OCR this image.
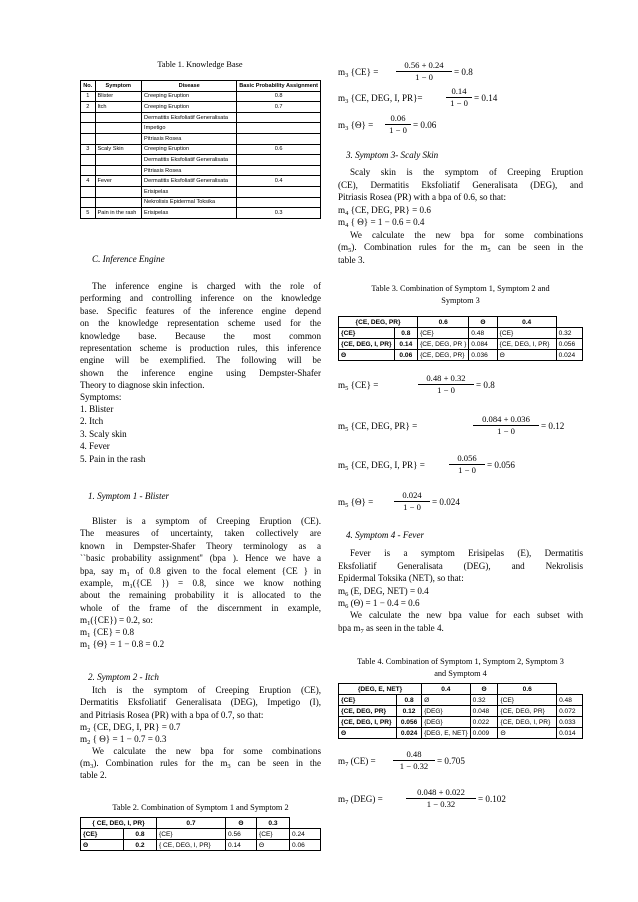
Table 1. Knowledge Base
No.	Symptom	Disease	Basic Probability Assignment
1	Blister	Creeping Eruption	0.8
2	Itch	Creeping Eruption	0.7
		Dermatitis Eksfoliatif Generalisata	
		Impetigo	
		Pitriasis Rosea	
3	Scaly Skin	Creeping Eruption	0.6
		Dermatitis Eksfoliatif Generalisata	
		Pitriasis Rosea	
4	Fever	Dermatitis Eksfoliatif Generalisata	0.4
		Erisipelas	
		Nekrolisis Epidermal Toksika	
5	Pain in the rash	Erisipelas	0.3
C. Inference Engine
The inference engine is charged with the role of
performing and controlling inference on the knowledge
base. Specific features of the inference engine depend
on the knowledge representation scheme used for the
knowledge base. Because the most common
representation scheme is production rules, this inference
engine will be exemplified. The following will be
shown the inference engine using Dempster-Shafer
Theory to diagnose skin infection.
Symptoms:
1. Blister
2. Itch
3. Scaly skin
4. Fever
5. Pain in the rash
1. Symptom 1 - Blister
Blister is a symptom of Creeping Eruption (CE).
The measures of uncertainty, taken collectively are
known in Dempster-Shafer Theory terminology as a
``basic probability assignment'' (bpa ). Hence we have a
bpa, say $m_1$ of 0.8 given to the focal element {CE } in
example, $m_1(\{CE$ }) = 0.8, since we know nothing
about the remaining probability it is allocated to the
whole of the frame of the discernment in example,
$m_1(\{CE\}) = 0.2$, so:
$m_1$ {CE} = 0.8
$m_1$ {Θ} = 1 − 0.8 = 0.2
2. Symptom 2 - Itch
Itch is the symptom of Creeping Eruption (CE),
Dermatitis Eksfoliatif Generalisata (DEG), Impetigo (I),
and Pitriasis Rosea (PR) with a bpa of 0.7, so that:
$m_2$ {CE, DEG, I, PR} = 0.7
$m_2$ { Θ} = 1 − 0.7 = 0.3
We calculate the new bpa for some combinations
$(m_3)$. Combination rules for the $m_3$ can be seen in the
table 2.
Table 2. Combination of Symptom 1 and Symptom 2
{ CE, DEG, I, PR}		0.7	Θ	0.3	
{CE}	0.8	{CE}	0.56	{CE}	0.24
Θ	0.2	{ CE, DEG, I, PR}	0.14	Θ	0.06
$m_3$ {CE} =
0.56 + 0.24
1 − 0	= 0.8
$m_3$ {CE, DEG, I, PR}=
0.14
1 − 0 = 0.14
$m_3$ {Θ} =
0.06
1 − 0 = 0.06
3. Symptom 3- Scaly Skin
Scaly skin is the symptom of Creeping Eruption
(CE), Dermatitis Eksfoliatif Generalisata (DEG), and
Pitriasis Rosea (PR) with a bpa of 0.6, so that:
$m_4$ {CE, DEG, PR} = 0.6
$m_4$ { Θ} = 1 − 0.6 = 0.4
We calculate the new bpa for some combinations
$(m_5)$. Combination rules for the $m_5$ can be seen in the
table 3.
Table 3. Combination of Symptom 1, Symptom 2 and
Symptom 3
{CE, DEG, PR}		0.6	Θ	0.4	
{CE}	0.8	{CE}	0.48	{CE}	0.32
{CE, DEG, I, PR}	0.14	{CE, DEG, PR }	0.084	{CE, DEG, I, PR}	0.056
Θ	0.06	{CE, DEG, PR}	0.036	Θ	0.024
$m_5$ {CE} =
0.48 + 0.32
1 − 0	= 0.8
$m_5$ {CE, DEG, PR} =
0.084 + 0.036
1 − 0	= 0.12
$m_5$ {CE, DEG, I, PR} =
0.056
1 − 0	= 0.056
$m_5$ {Θ} =
0.024
1 − 0	= 0.024
4. Symptom 4 - Fever
Fever is a symptom Erisipelas (E), Dermatitis
Eksfoliatif Generalisata (DEG), and Nekrolisis
Epidermal Toksika (NET), so that:
$m_6$ (E, DEG, NET) = 0.4
$m_6$ (Θ) = 1 − 0.4 = 0.6
We calculate the new bpa value for each subset with
bpa $m_7$ as seen in the table 4.
Table 4. Combination of Symptom 1, Symptom 2, Symptom 3
and Symptom 4
{DEG, E, NET}		0.4	Θ	0.6	
{CE}	0.8	Ø	0.32	{CE}	0.48
{CE, DEG, PR}	0.12	{DEG}	0.048	{CE, DEG, PR}	0.072
{CE, DEG, I, PR}	0.056	{DEG}	0.022	{CE, DEG, I, PR}	0.033
Θ	0.024	{DEG, E, NET}	0.009	Θ	0.014
$m_7$ (CE) =
0.48
1 − 0.32 = 0.705
$m_7$ (DEG) =
0.048 + 0.022
1 − 0.32	= 0.102
